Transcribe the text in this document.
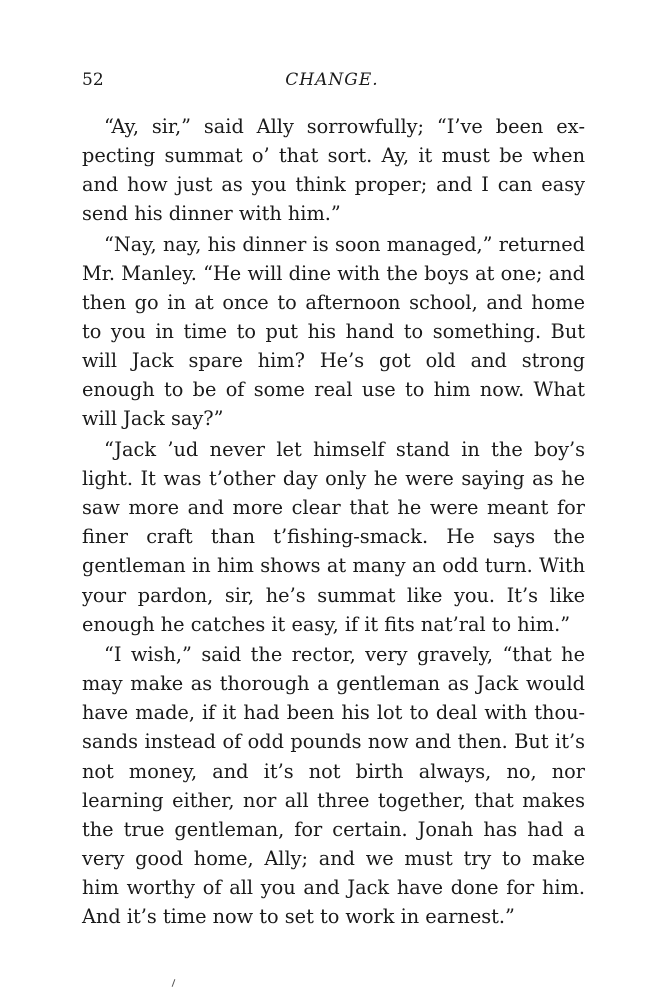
52	CHANGE.

“Ay, sir,” said Ally sorrowfully; “I’ve been expecting summat o’ that sort. Ay, it must be when and how just as you think proper; and I can easy send his dinner with him.”

“Nay, nay, his dinner is soon managed,” returned Mr. Manley. “He will dine with the boys at one; and then go in at once to afternoon school, and home to you in time to put his hand to something. But will Jack spare him? He’s got old and strong enough to be of some real use to him now. What will Jack say?”

“Jack ’ud never let himself stand in the boy’s light. It was t’other day only he were saying as he saw more and more clear that he were meant for finer craft than t’fishing-smack. He says the gentleman in him shows at many an odd turn. With your pardon, sir, he’s summat like you. It’s like enough he catches it easy, if it fits nat’ral to him.”

“I wish,” said the rector, very gravely, “that he may make as thorough a gentleman as Jack would have made, if it had been his lot to deal with thousands instead of odd pounds now and then. But it’s not money, and it’s not birth always, no, nor learning either, nor all three together, that makes the true gentleman, for certain. Jonah has had a very good home, Ally; and we must try to make him worthy of all you and Jack have done for him. And it’s time now to set to work in earnest.”
